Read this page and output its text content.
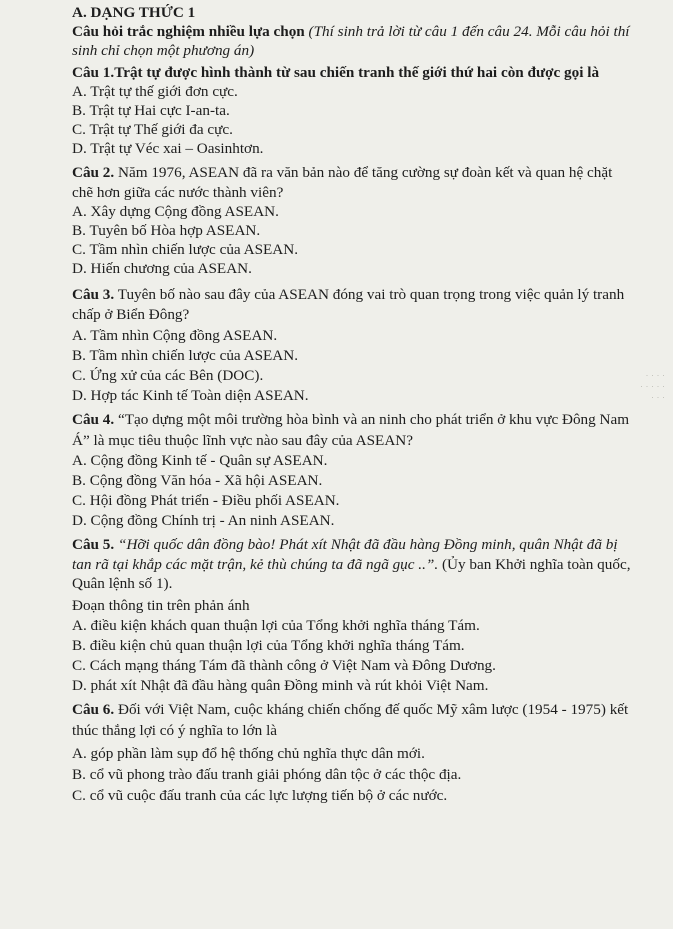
· · · ·
· · · · ·
· · ·
A. DẠNG THỨC 1
Câu hỏi trắc nghiệm nhiều lựa chọn (Thí sinh trả lời từ câu 1 đến câu 24. Mỗi câu hỏi thí
sinh chỉ chọn một phương án)
Câu 1.Trật tự được hình thành từ sau chiến tranh thế giới thứ hai còn được gọi là
A. Trật tự thế giới đơn cực.
B. Trật tự Hai cực I-an-ta.
C. Trật tự Thế giới đa cực.
D. Trật tự Véc xai – Oasinhtơn.
Câu 2. Năm 1976, ASEAN đã ra văn bản nào để tăng cường sự đoàn kết và quan hệ chặt
chẽ hơn giữa các nước thành viên?
A. Xây dựng Cộng đồng ASEAN.
B. Tuyên bố Hòa hợp ASEAN.
C. Tầm nhìn chiến lược của ASEAN.
D. Hiến chương của ASEAN.
Câu 3. Tuyên bố nào sau đây của ASEAN đóng vai trò quan trọng trong việc quản lý tranh
chấp ở Biển Đông?
A. Tầm nhìn Cộng đồng ASEAN.
B. Tầm nhìn chiến lược của ASEAN.
C. Ứng xử của các Bên (DOC).
D. Hợp tác Kinh tế Toàn diện ASEAN.
Câu 4. “Tạo dựng một môi trường hòa bình và an ninh cho phát triển ở khu vực Đông Nam
Á” là mục tiêu thuộc lĩnh vực nào sau đây của ASEAN?
A. Cộng đồng Kinh tế - Quân sự ASEAN.
B. Cộng đồng Văn hóa - Xã hội ASEAN.
C. Hội đồng Phát triển - Điều phối ASEAN.
D. Cộng đồng Chính trị - An ninh ASEAN.
Câu 5. “Hỡi quốc dân đồng bào! Phát xít Nhật đã đầu hàng Đồng minh, quân Nhật đã bị
tan rã tại khắp các mặt trận, kẻ thù chúng ta đã ngã gục ..”. (Ủy ban Khởi nghĩa toàn quốc,
Quân lệnh số 1).
Đoạn thông tin trên phản ánh
A. điều kiện khách quan thuận lợi của Tổng khởi nghĩa tháng Tám.
B. điều kiện chủ quan thuận lợi của Tổng khởi nghĩa tháng Tám.
C. Cách mạng tháng Tám đã thành công ở Việt Nam và Đông Dương.
D. phát xít Nhật đã đầu hàng quân Đồng minh và rút khỏi Việt Nam.
Câu 6. Đối với Việt Nam, cuộc kháng chiến chống đế quốc Mỹ xâm lược (1954 - 1975) kết
thúc thắng lợi có ý nghĩa to lớn là
A. góp phần làm sụp đổ hệ thống chủ nghĩa thực dân mới.
B. cổ vũ phong trào đấu tranh giải phóng dân tộc ở các thộc địa.
C. cổ vũ cuộc đấu tranh của các lực lượng tiến bộ ở các nước.
